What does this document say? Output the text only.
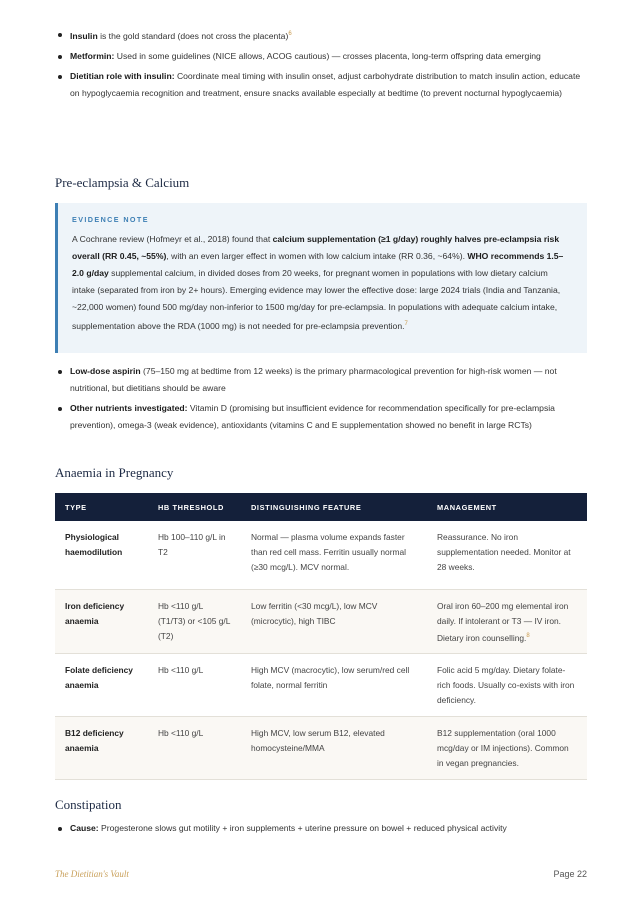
Insulin is the gold standard (does not cross the placenta)$^6$
Metformin: Used in some guidelines (NICE allows, ACOG cautious) — crosses placenta, long-term offspring data emerging
Dietitian role with insulin: Coordinate meal timing with insulin onset, adjust carbohydrate distribution to match insulin action, educate on hypoglycaemia recognition and treatment, ensure snacks available especially at bedtime (to prevent nocturnal hypoglycaemia)
Pre-eclampsia & Calcium
EVIDENCE NOTE
A Cochrane review (Hofmeyr et al., 2018) found that calcium supplementation (≥1 g/day) roughly halves pre-eclampsia risk overall (RR 0.45, ~55%), with an even larger effect in women with low calcium intake (RR 0.36, ~64%). WHO recommends 1.5–2.0 g/day supplemental calcium, in divided doses from 20 weeks, for pregnant women in populations with low dietary calcium intake (separated from iron by 2+ hours). Emerging evidence may lower the effective dose: large 2024 trials (India and Tanzania, ~22,000 women) found 500 mg/day non-inferior to 1500 mg/day for pre-eclampsia. In populations with adequate calcium intake, supplementation above the RDA (1000 mg) is not needed for pre-eclampsia prevention.$^7$
Low-dose aspirin (75–150 mg at bedtime from 12 weeks) is the primary pharmacological prevention for high-risk women — not nutritional, but dietitians should be aware
Other nutrients investigated: Vitamin D (promising but insufficient evidence for recommendation specifically for pre-eclampsia prevention), omega-3 (weak evidence), antioxidants (vitamins C and E supplementation showed no benefit in large RCTs)
Anaemia in Pregnancy
TYPE	HB THRESHOLD	DISTINGUISHING FEATURE	MANAGEMENT
Physiological haemodilution	Hb 100–110 g/L in T2	Normal — plasma volume expands faster than red cell mass. Ferritin usually normal (≥30 mcg/L). MCV normal.	Reassurance. No iron supplementation needed. Monitor at 28 weeks.
Iron deficiency anaemia	Hb <110 g/L (T1/T3) or <105 g/L (T2)	Low ferritin (<30 mcg/L), low MCV (microcytic), high TIBC	Oral iron 60–200 mg elemental iron daily. If intolerant or T3 — IV iron. Dietary iron counselling.$^8$
Folate deficiency anaemia	Hb <110 g/L	High MCV (macrocytic), low serum/red cell folate, normal ferritin	Folic acid 5 mg/day. Dietary folate-rich foods. Usually co-exists with iron deficiency.
B12 deficiency anaemia	Hb <110 g/L	High MCV, low serum B12, elevated homocysteine/MMA	B12 supplementation (oral 1000 mcg/day or IM injections). Common in vegan pregnancies.
Constipation
Cause: Progesterone slows gut motility + iron supplements + uterine pressure on bowel + reduced physical activity
The Dietitian's Vault	Page 22
